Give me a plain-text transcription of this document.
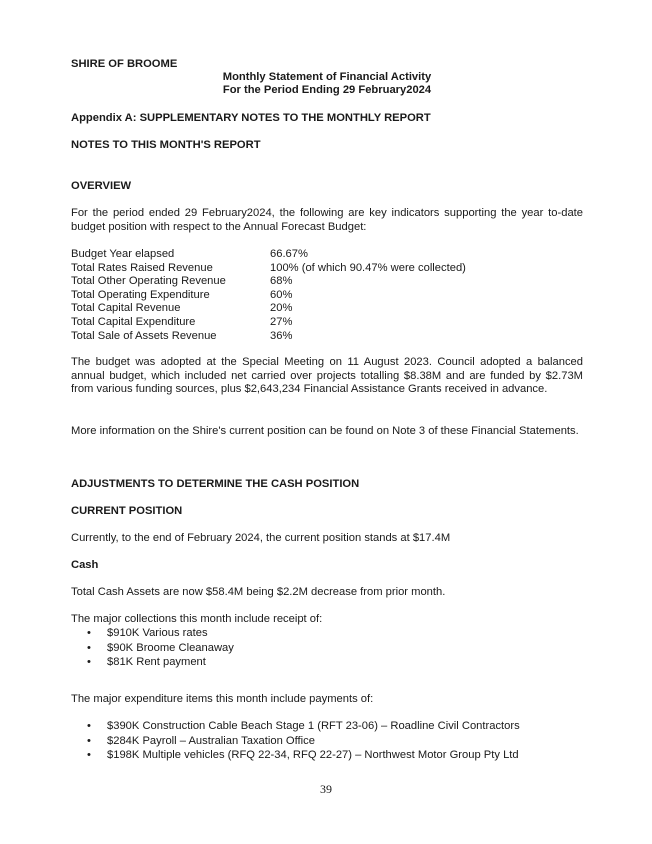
SHIRE OF BROOME
Monthly Statement of Financial Activity
For the Period Ending 29 February2024
Appendix A: SUPPLEMENTARY NOTES TO THE MONTHLY REPORT
NOTES TO THIS MONTH'S REPORT
OVERVIEW
For the period ended 29 February2024, the following are key indicators supporting the year to-date budget position with respect to the Annual Forecast Budget:
Budget Year elapsed	66.67%
Total Rates Raised Revenue	100% (of which 90.47% were collected)
Total Other Operating Revenue	68%
Total Operating Expenditure	60%
Total Capital Revenue	20%
Total Capital Expenditure	27%
Total Sale of Assets Revenue	36%
The budget was adopted at the Special Meeting on 11 August 2023. Council adopted a balanced annual budget, which included net carried over projects totalling $8.38M and are funded by $2.73M from various funding sources, plus $2,643,234 Financial Assistance Grants received in advance.
More information on the Shire's current position can be found on Note 3 of these Financial Statements.
ADJUSTMENTS TO DETERMINE THE CASH POSITION
CURRENT POSITION
Currently, to the end of February 2024, the current position stands at $17.4M
Cash
Total Cash Assets are now $58.4M being $2.2M decrease from prior month.
The major collections this month include receipt of:
• $910K Various rates
• $90K Broome Cleanaway
• $81K Rent payment
The major expenditure items this month include payments of:
• $390K Construction Cable Beach Stage 1 (RFT 23-06) – Roadline Civil Contractors
• $284K Payroll – Australian Taxation Office
• $198K Multiple vehicles (RFQ 22-34, RFQ 22-27) – Northwest Motor Group Pty Ltd
39
